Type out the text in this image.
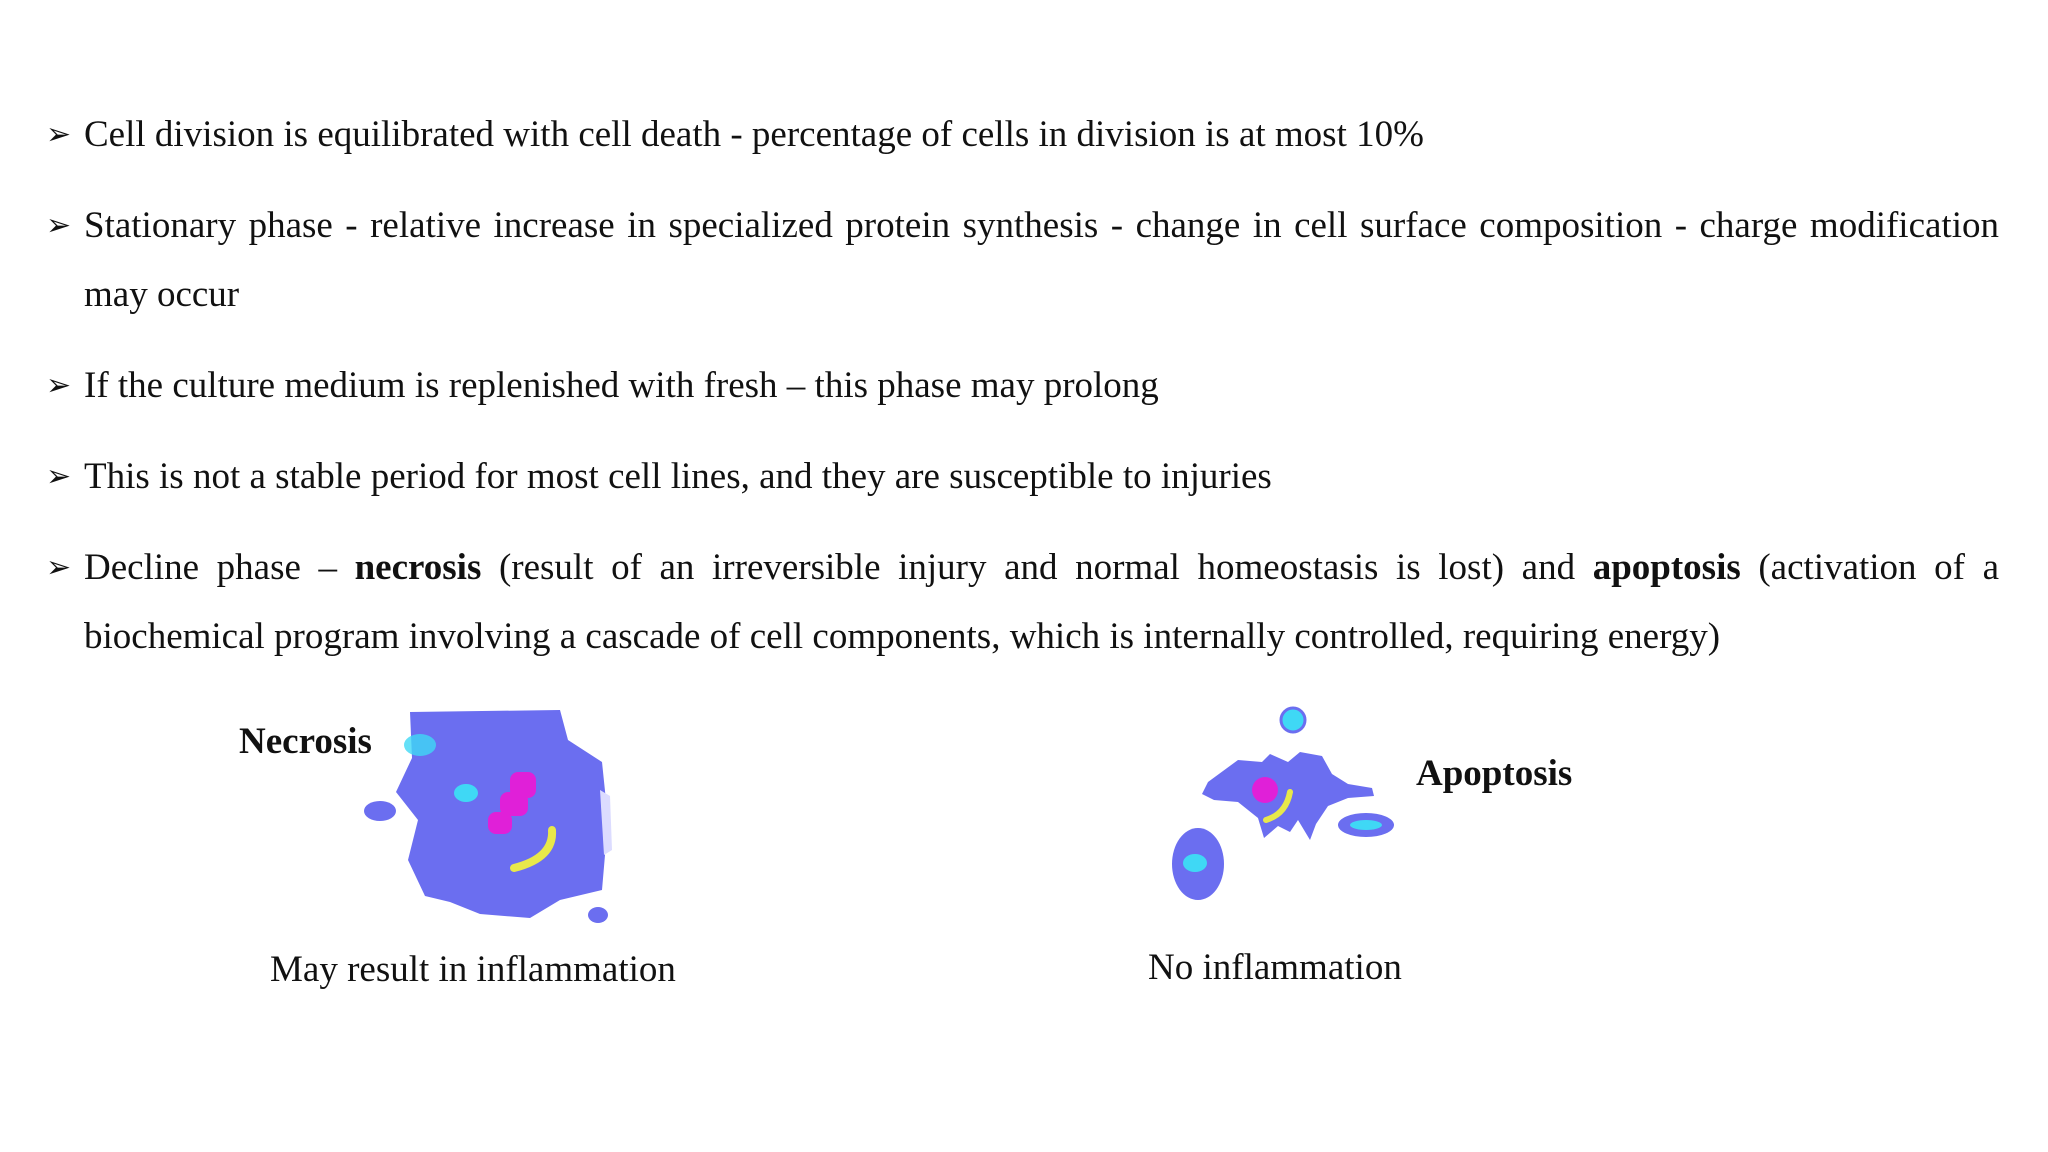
➢ Cell division is equilibrated with cell death - percentage of cells in division is at most 10%
➢ Stationary phase - relative increase in specialized protein synthesis - change in cell surface composition - charge modification may occur
➢ If the culture medium is replenished with fresh – this phase may prolong
➢ This is not a stable period for most cell lines, and they are susceptible to injuries
➢ Decline phase – necrosis (result of an irreversible injury and normal homeostasis is lost) and apoptosis (activation of a biochemical program involving a cascade of cell components, which is internally controlled, requiring energy)
Necrosis
May result in inflammation
Apoptosis
No inflammation
